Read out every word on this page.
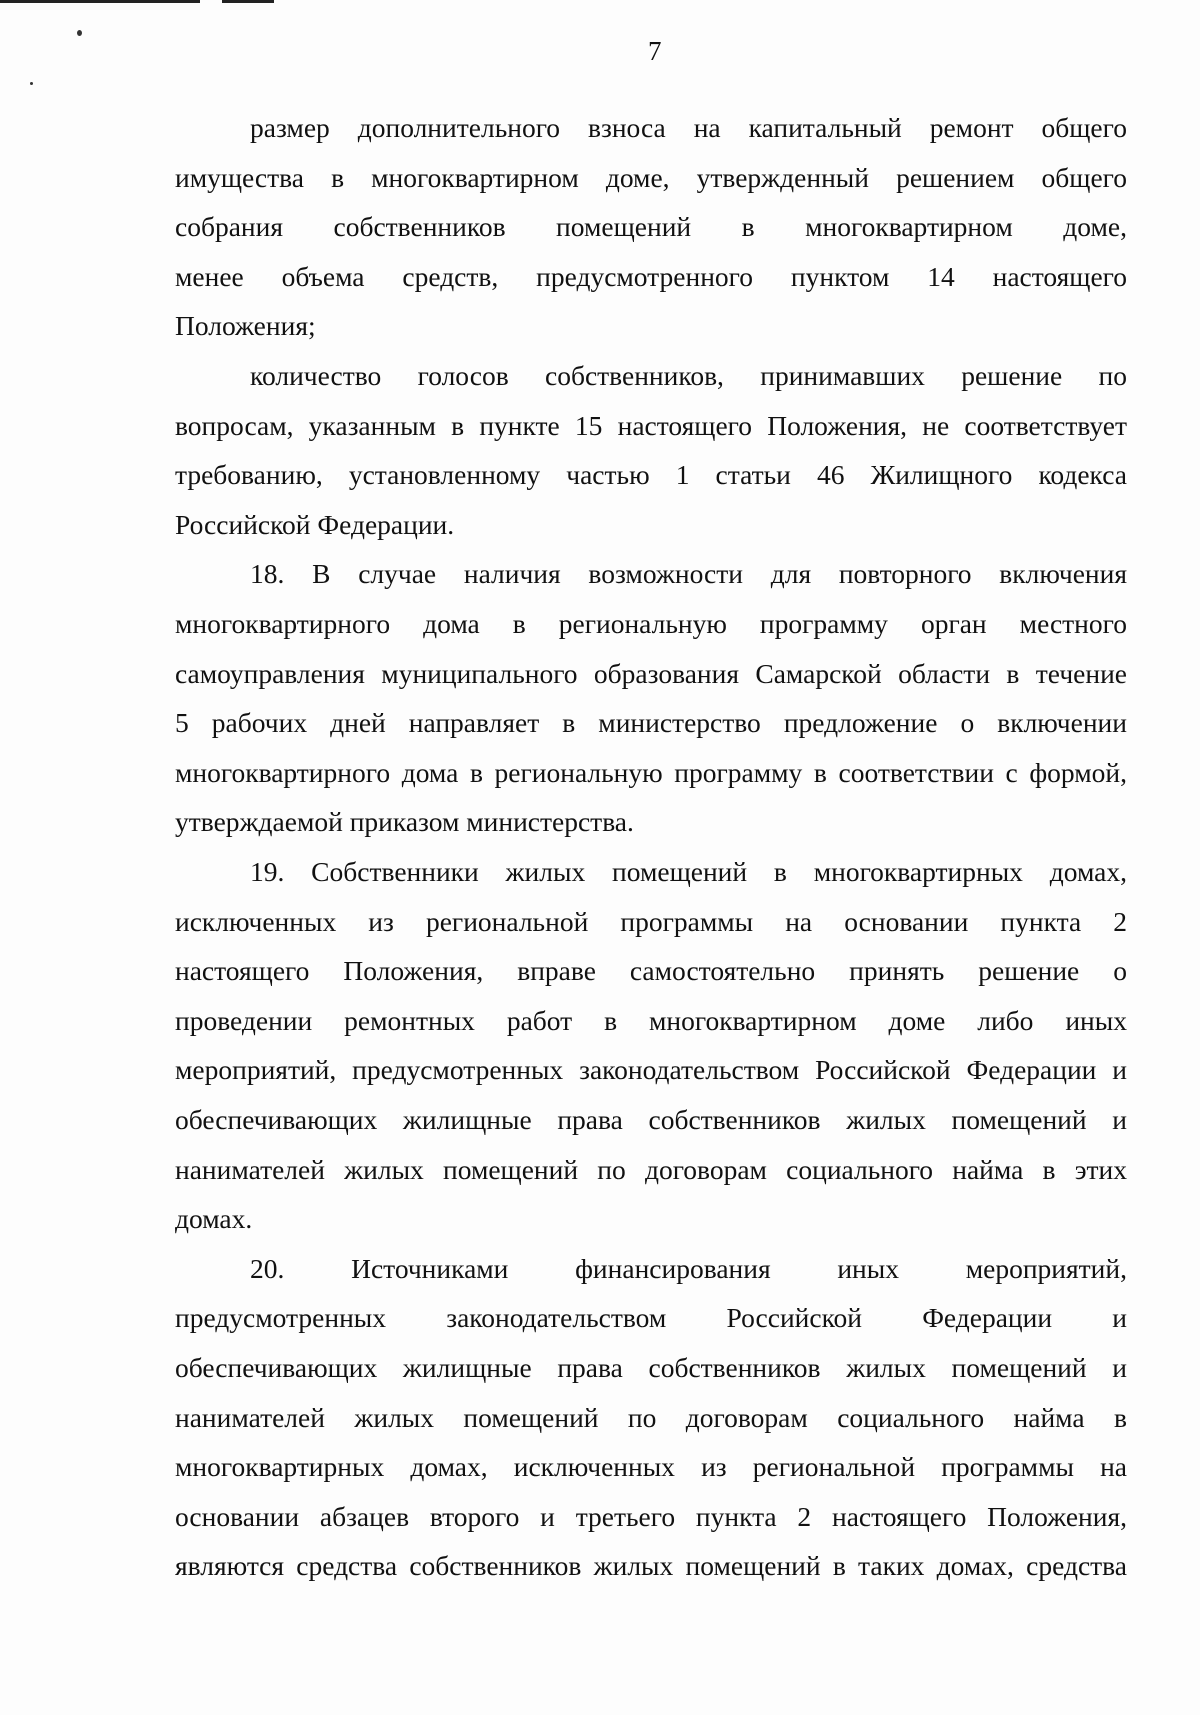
7
размер дополнительного взноса на капитальный ремонт общего
имущества в многоквартирном доме, утвержденный решением общего
собрания собственников помещений в многоквартирном доме,
менее объема средств, предусмотренного пунктом 14 настоящего
Положения;
количество голосов собственников, принимавших решение по
вопросам, указанным в пункте 15 настоящего Положения, не соответствует
требованию, установленному частью 1 статьи 46 Жилищного кодекса
Российской Федерации.
18. В случае наличия возможности для повторного включения
многоквартирного дома в региональную программу орган местного
самоуправления муниципального образования Самарской области в течение
5 рабочих дней направляет в министерство предложение о включении
многоквартирного дома в региональную программу в соответствии с формой,
утверждаемой приказом министерства.
19. Собственники жилых помещений в многоквартирных домах,
исключенных из региональной программы на основании пункта 2
настоящего Положения, вправе самостоятельно принять решение о
проведении ремонтных работ в многоквартирном доме либо иных
мероприятий, предусмотренных законодательством Российской Федерации и
обеспечивающих жилищные права собственников жилых помещений и
нанимателей жилых помещений по договорам социального найма в этих
домах.
20. Источниками финансирования иных мероприятий,
предусмотренных законодательством Российской Федерации и
обеспечивающих жилищные права собственников жилых помещений и
нанимателей жилых помещений по договорам социального найма в
многоквартирных домах, исключенных из региональной программы на
основании абзацев второго и третьего пункта 2 настоящего Положения,
являются средства собственников жилых помещений в таких домах, средства
